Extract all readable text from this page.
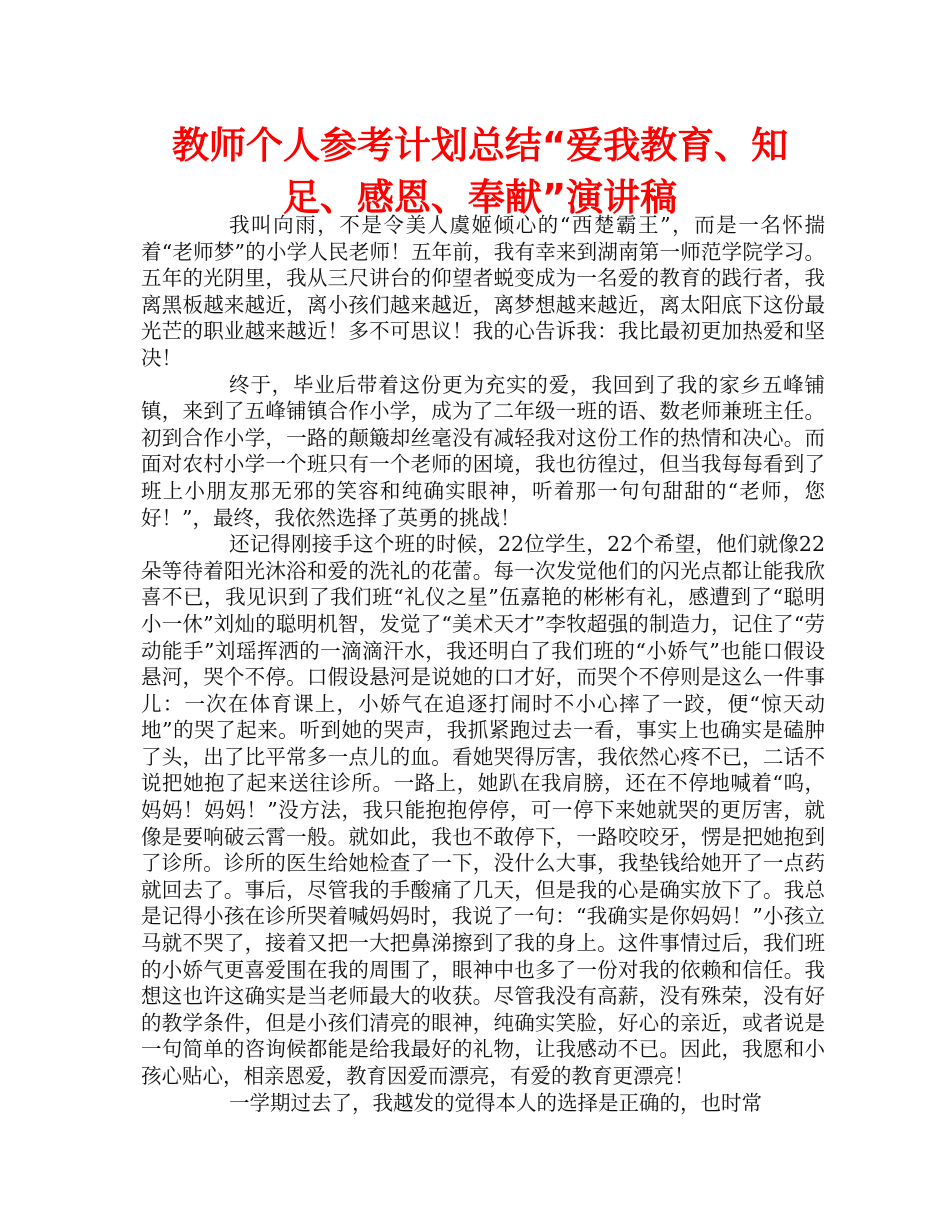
教师个人参考计划总结“爱我教育、知足、感恩、奉献”演讲稿

我叫向雨，不是令美人虞姬倾心的“西楚霸王”，而是一名怀揣着“老师梦”的小学人民老师！五年前，我有幸来到湖南第一师范学院学习。五年的光阴里，我从三尺讲台的仰望者蜕变成为一名爱的教育的践行者，我离黑板越来越近，离小孩们越来越近，离梦想越来越近，离太阳底下这份最光芒的职业越来越近！多不可思议！我的心告诉我：我比最初更加热爱和坚决！

终于，毕业后带着这份更为充实的爱，我回到了我的家乡五峰铺镇，来到了五峰铺镇合作小学，成为了二年级一班的语、数老师兼班主任。初到合作小学，一路的颠簸却丝毫没有减轻我对这份工作的热情和决心。而面对农村小学一个班只有一个老师的困境，我也彷徨过，但当我每每看到了班上小朋友那无邪的笑容和纯确实眼神，听着那一句句甜甜的“老师，您好！”，最终，我依然选择了英勇的挑战！

还记得刚接手这个班的时候，22位学生，22个希望，他们就像22朵等待着阳光沐浴和爱的洗礼的花蕾。每一次发觉他们的闪光点都让能我欣喜不已，我见识到了我们班“礼仪之星”伍嘉艳的彬彬有礼，感遭到了“聪明小一休”刘灿的聪明机智，发觉了“美术天才”李牧超强的制造力，记住了“劳动能手”刘瑶挥洒的一滴滴汗水，我还明白了我们班的“小娇气”也能口假设悬河，哭个不停。口假设悬河是说她的口才好，而哭个不停则是这么一件事儿：一次在体育课上，小娇气在追逐打闹时不小心摔了一跤，便“惊天动地”的哭了起来。听到她的哭声，我抓紧跑过去一看，事实上也确实是磕肿了头，出了比平常多一点儿的血。看她哭得厉害，我依然心疼不已，二话不说把她抱了起来送往诊所。一路上，她趴在我肩膀，还在不停地喊着“呜，妈妈！妈妈！”没方法，我只能抱抱停停，可一停下来她就哭的更厉害，就像是要响破云霄一般。就如此，我也不敢停下，一路咬咬牙，愣是把她抱到了诊所。诊所的医生给她检查了一下，没什么大事，我垫钱给她开了一点药就回去了。事后，尽管我的手酸痛了几天，但是我的心是确实放下了。我总是记得小孩在诊所哭着喊妈妈时，我说了一句：“我确实是你妈妈！”小孩立马就不哭了，接着又把一大把鼻涕擦到了我的身上。这件事情过后，我们班的小娇气更喜爱围在我的周围了，眼神中也多了一份对我的依赖和信任。我想这也许这确实是当老师最大的收获。尽管我没有高薪，没有殊荣，没有好的教学条件，但是小孩们清亮的眼神，纯确实笑脸，好心的亲近，或者说是一句简单的咨询候都能是给我最好的礼物，让我感动不已。因此，我愿和小孩心贴心，相亲恩爱，教育因爱而漂亮，有爱的教育更漂亮！

一学期过去了，我越发的觉得本人的选择是正确的，也时常
